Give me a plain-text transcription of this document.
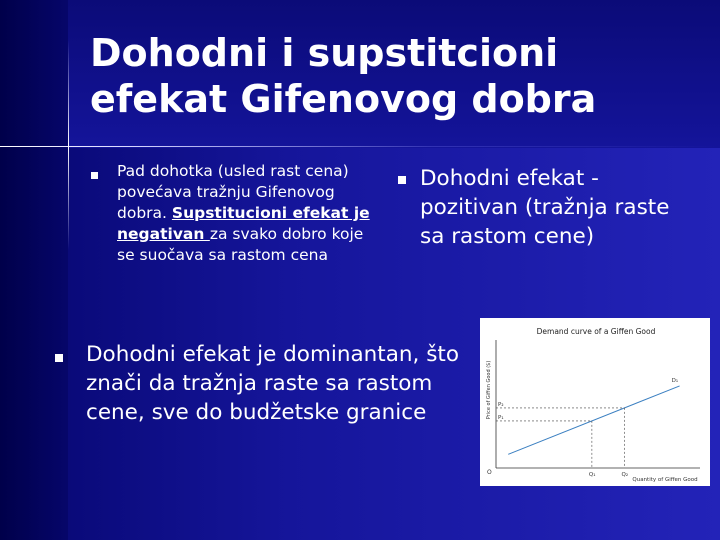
Dohodni i supstitcioni
efekat Gifenovog dobra

Pad dohotka (usled rast cena) povećava tražnju Gifenovog dobra. Supstitucioni efekat je negativan za svako dobro koje se suočava sa rastom cena

Dohodni efekat - pozitivan (tražnja raste sa rastom cene)

Dohodni efekat je dominantan, što znači da tražnja raste sa rastom cene, sve do budžetske granice

Demand curve of a Giffen Good
Price of Giffen Good ($)
Quantity of Giffen Good
O
D₁
Q₁
P₁
Q₂
P₂
